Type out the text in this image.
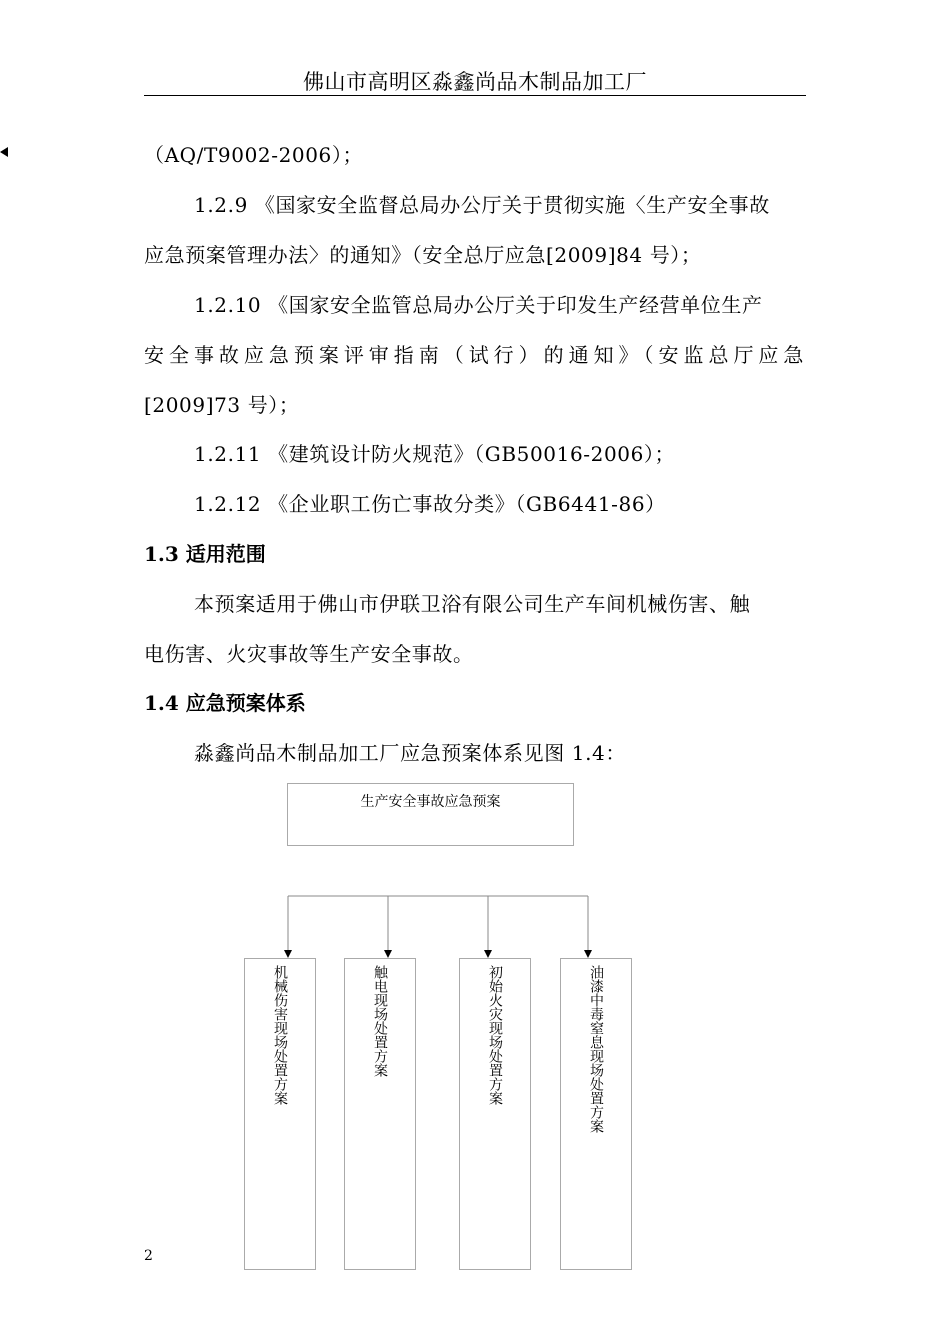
佛山市高明区淼鑫尚品木制品加工厂
（AQ/T9002-2006）；
1.2.9 《国家安全监督总局办公厅关于贯彻实施〈生产安全事故
应急预案管理办法〉的通知》（安全总厅应急[2009]84 号）；
1.2.10 《国家安全监管总局办公厅关于印发生产经营单位生产
安全事故应急预案评审指南（试行）的通知》（安监总厅应急
[2009]73 号）；
1.2.11 《建筑设计防火规范》（GB50016-2006）；
1.2.12 《企业职工伤亡事故分类》（GB6441-86）
1.3 适用范围
本预案适用于佛山市伊联卫浴有限公司生产车间机械伤害、触
电伤害、火灾事故等生产安全事故。
1.4 应急预案体系
淼鑫尚品木制品加工厂应急预案体系见图 1.4：
生产安全事故应急预案
机械伤害现场处置方案	触电现场处置方案	初始火灾现场处置方案	油漆中毒窒息现场处置方案
2
